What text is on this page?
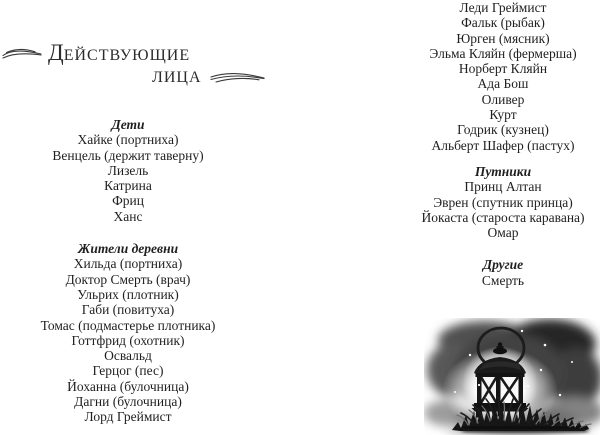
ДЕЙСТВУЮЩИЕ
ЛИЦА
Дети
Хайке (портниха)
Венцель (держит таверну)
Лизель
Катрина
Фриц
Ханс
Жители деревни
Хильда (портниха)
Доктор Смерть (врач)
Ульрих (плотник)
Габи (повитуха)
Томас (подмастерье плотника)
Готтфрид (охотник)
Освальд
Герцог (пес)
Йоханна (булочница)
Дагни (булочница)
Лорд Греймист
Леди Греймист
Фальк (рыбак)
Юрген (мясник)
Эльма Кляйн (фермерша)
Норберт Кляйн
Ада Бош
Оливер
Курт
Годрик (кузнец)
Альберт Шафер (пастух)
Путники
Принц Алтан
Эврен (спутник принца)
Йокаста (староста каравана)
Омар
Другие
Смерть
